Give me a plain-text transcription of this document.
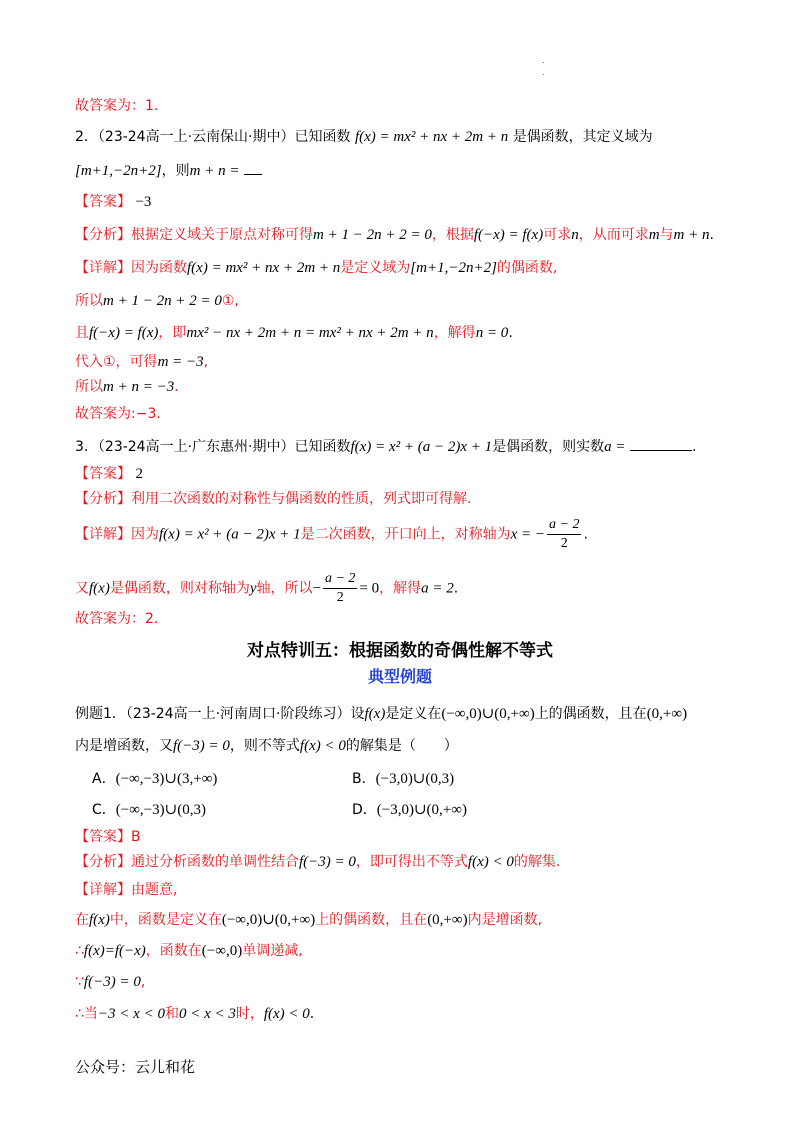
.
.
故答案为：1.
2．（23-24高一上·云南保山·期中）已知函数 f(x) = mx² + nx + 2m + n 是偶函数，其定义域为
[m+1,−2n+2]，则m + n =
【答案】 −3
【分析】根据定义域关于原点对称可得m + 1 − 2n + 2 = 0，根据f(−x) = f(x)可求n，从而可求m与m + n.
【详解】因为函数f(x) = mx² + nx + 2m + n是定义域为[m+1,−2n+2]的偶函数,
所以m + 1 − 2n + 2 = 0①,
且f(−x) = f(x)，即mx² − nx + 2m + n = mx² + nx + 2m + n，解得n = 0.
代入①，可得m = −3,
所以m + n = −3.
故答案为:−3.
3．（23-24高一上·广东惠州·期中）已知函数f(x) = x² + (a − 2)x + 1是偶函数，则实数a =	.
【答案】 2
【分析】利用二次函数的对称性与偶函数的性质，列式即可得解.
【详解】因为f(x) = x² + (a − 2)x + 1是二次函数，开口向上，对称轴为x = − $\frac{a - 2}{2}$ .
又f(x)是偶函数，则对称轴为y轴，所以− $\frac{a - 2}{2} = 0$，解得a = 2.
故答案为：2．
对点特训五：根据函数的奇偶性解不等式
典型例题
例题1．（23-24高一上·河南周口·阶段练习）设f(x)是定义在(−∞,0)∪(0,+∞)上的偶函数，且在(0,+∞)
内是增函数，又f(−3) = 0，则不等式f(x) < 0的解集是（　　）
A．(−∞,−3)∪(3,+∞)	B．(−3,0)∪(0,3)
C．(−∞,−3)∪(0,3)	D．(−3,0)∪(0,+∞)
【答案】B
【分析】通过分析函数的单调性结合f(−3) = 0，即可得出不等式f(x) < 0的解集.
【详解】由题意,
在f(x)中，函数是定义在(−∞,0)∪(0,+∞)上的偶函数，且在(0,+∞)内是增函数,
∴f(x)=f(−x)，函数在(−∞,0)单调递减,
∵f(−3) = 0,
∴当−3 < x < 0和0 < x < 3时，f(x) < 0.
公众号：云儿和花
